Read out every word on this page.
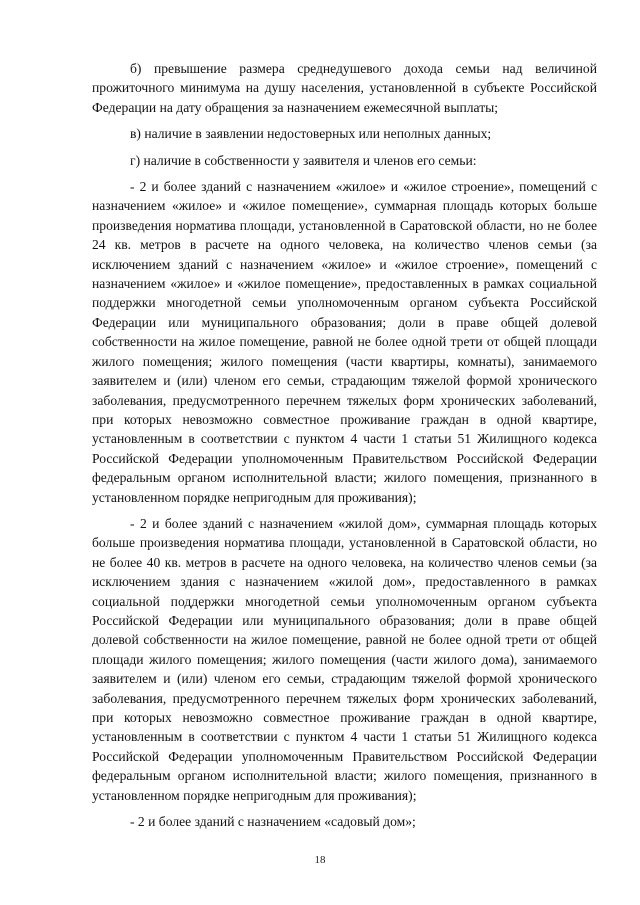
б) превышение размера среднедушевого дохода семьи над величиной прожиточного минимума на душу населения, установленной в субъекте Российской Федерации на дату обращения за назначением ежемесячной выплаты;

в) наличие в заявлении недостоверных или неполных данных;

г) наличие в собственности у заявителя и членов его семьи:

- 2 и более зданий с назначением «жилое» и «жилое строение», помещений с назначением «жилое» и «жилое помещение», суммарная площадь которых больше произведения норматива площади, установленной в Саратовской области, но не более 24 кв. метров в расчете на одного человека, на количество членов семьи (за исключением зданий с назначением «жилое» и «жилое строение», помещений с назначением «жилое» и «жилое помещение», предоставленных в рамках социальной поддержки многодетной семьи уполномоченным органом субъекта Российской Федерации или муниципального образования; доли в праве общей долевой собственности на жилое помещение, равной не более одной трети от общей площади жилого помещения; жилого помещения (части квартиры, комнаты), занимаемого заявителем и (или) членом его семьи, страдающим тяжелой формой хронического заболевания, предусмотренного перечнем тяжелых форм хронических заболеваний, при которых невозможно совместное проживание граждан в одной квартире, установленным в соответствии с пунктом 4 части 1 статьи 51 Жилищного кодекса Российской Федерации уполномоченным Правительством Российской Федерации федеральным органом исполнительной власти; жилого помещения, признанного в установленном порядке непригодным для проживания);

- 2 и более зданий с назначением «жилой дом», суммарная площадь которых больше произведения норматива площади, установленной в Саратовской области, но не более 40 кв. метров в расчете на одного человека, на количество членов семьи (за исключением здания с назначением «жилой дом», предоставленного в рамках социальной поддержки многодетной семьи уполномоченным органом субъекта Российской Федерации или муниципального образования; доли в праве общей долевой собственности на жилое помещение, равной не более одной трети от общей площади жилого помещения; жилого помещения (части жилого дома), занимаемого заявителем и (или) членом его семьи, страдающим тяжелой формой хронического заболевания, предусмотренного перечнем тяжелых форм хронических заболеваний, при которых невозможно совместное проживание граждан в одной квартире, установленным в соответствии с пунктом 4 части 1 статьи 51 Жилищного кодекса Российской Федерации уполномоченным Правительством Российской Федерации федеральным органом исполнительной власти; жилого помещения, признанного в установленном порядке непригодным для проживания);

- 2 и более зданий с назначением «садовый дом»;

18
